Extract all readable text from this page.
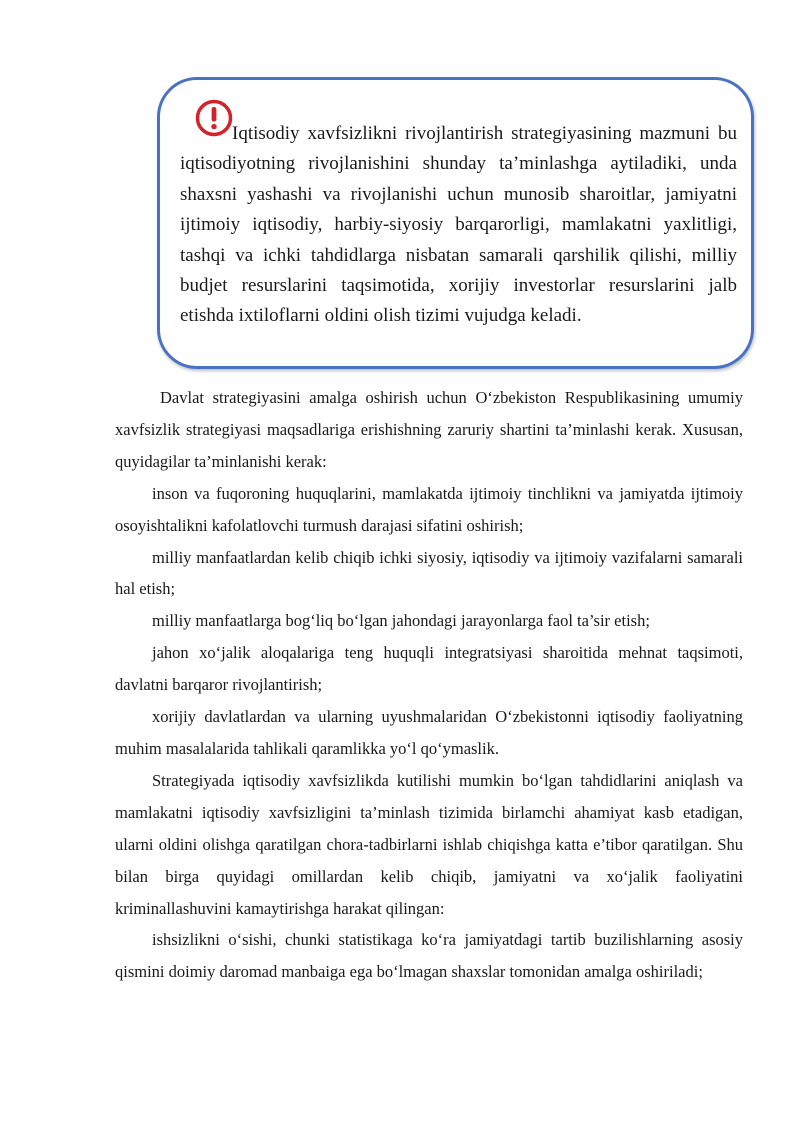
Iqtisodiy xavfsizlikni rivojlantirish strategiyasining mazmuni bu iqtisodiyotning rivojlanishini shunday ta’minlashga aytiladiki, unda shaxsni yashashi va rivojlanishi uchun munosib sharoitlar, jamiyatni ijtimoiy iqtisodiy, harbiy-siyosiy barqarorligi, mamlakatni yaxlitligi, tashqi va ichki tahdidlarga nisbatan samarali qarshilik qilishi, milliy budjet resurslarini taqsimotida, xorijiy investorlar resurslarini jalb etishda ixtiloflarni oldini olish tizimi vujudga keladi.

Davlat strategiyasini amalga oshirish uchun O‘zbekiston Respublikasining umumiy xavfsizlik strategiyasi maqsadlariga erishishning zaruriy shartini ta’minlashi kerak. Xususan, quyidagilar ta’minlanishi kerak:

inson va fuqoroning huquqlarini, mamlakatda ijtimoiy tinchlikni va jamiyatda ijtimoiy osoyishtalikni kafolatlovchi turmush darajasi sifatini oshirish;

milliy manfaatlardan kelib chiqib ichki siyosiy, iqtisodiy va ijtimoiy vazifalarni samarali hal etish;

milliy manfaatlarga bog‘liq bo‘lgan jahondagi jarayonlarga faol ta’sir etish;

jahon xo‘jalik aloqalariga teng huquqli integratsiyasi sharoitida mehnat taqsimoti, davlatni barqaror rivojlantirish;

xorijiy davlatlardan va ularning uyushmalaridan O‘zbekistonni iqtisodiy faoliyatning muhim masalalarida tahlikali qaramlikka yo‘l qo‘ymaslik.

Strategiyada iqtisodiy xavfsizlikda kutilishi mumkin bo‘lgan tahdidlarini aniqlash va mamlakatni iqtisodiy xavfsizligini ta’minlash tizimida birlamchi ahamiyat kasb etadigan, ularni oldini olishga qaratilgan chora-tadbirlarni ishlab chiqishga katta e’tibor qaratilgan. Shu bilan birga quyidagi omillardan kelib chiqib, jamiyatni va xo‘jalik faoliyatini kriminallashuvini kamaytirishga harakat qilingan:

ishsizlikni o‘sishi, chunki statistikaga ko‘ra jamiyatdagi tartib buzilishlarning asosiy qismini doimiy daromad manbaiga ega bo‘lmagan shaxslar tomonidan amalga oshiriladi;
